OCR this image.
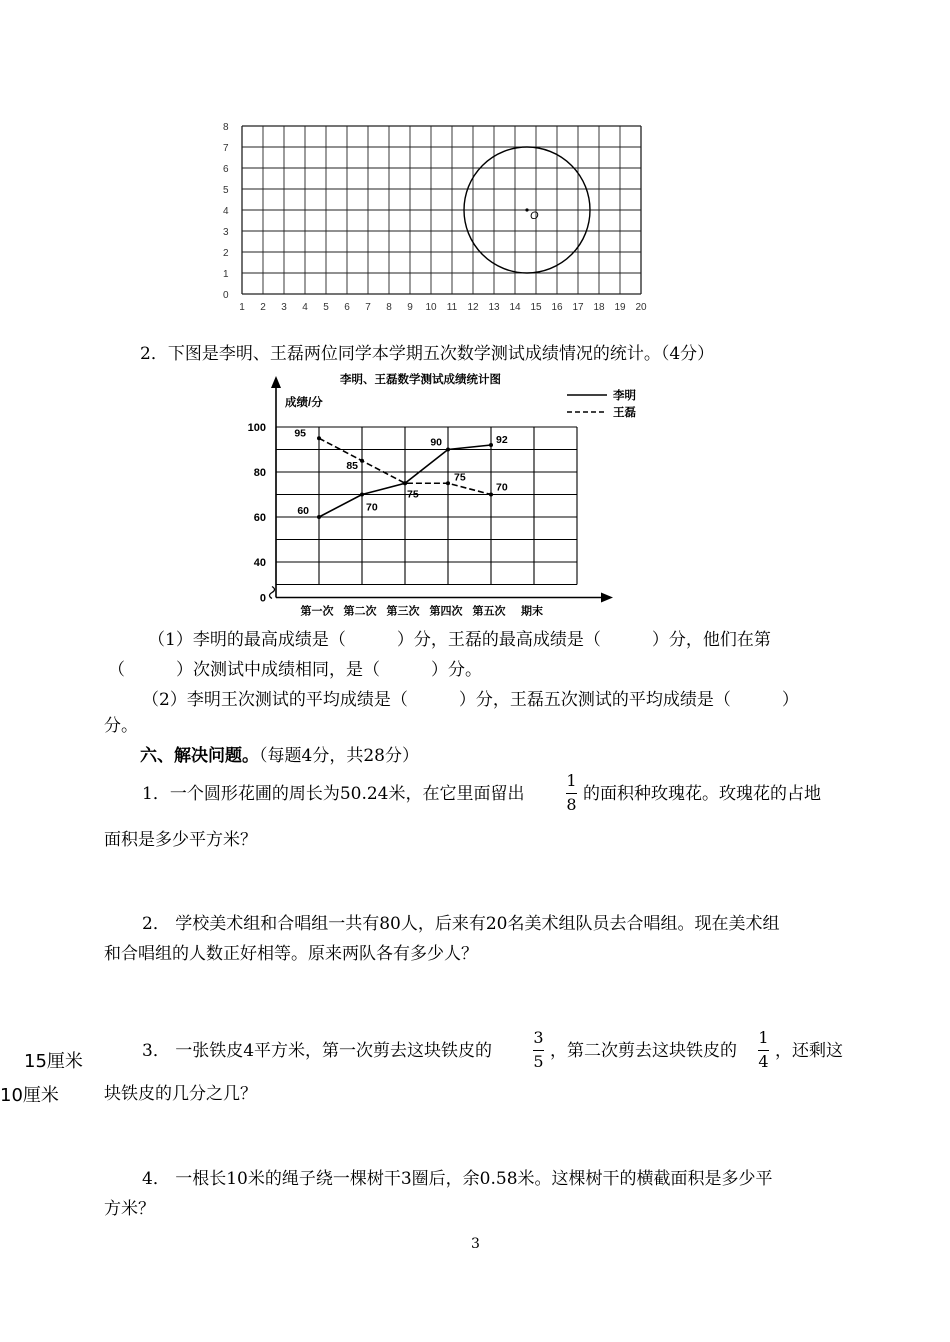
O
0
1
2
3
4
5
6
7
8
1 2 3 4 5 6 7 8 9 10 11 12 13 14 15 16 17 18 19 20
2．下图是李明、王磊两位同学本学期五次数学测试成绩情况的统计。（4分）
李明、王磊数学测试成绩统计图
成绩/分
李明
王磊
0
40
60
80
100
第一次 第二次 第三次 第四次 第五次 期末
60	70
75
90	92
95
85
75
70
（1）李明的最高成绩是（　　　）分，王磊的最高成绩是（　　　）分，他们在第
（　　　）次测试中成绩相同，是（　　　）分。
（2）李明王次测试的平均成绩是（　　　）分，王磊五次测试的平均成绩是（　　　）
分。
六、解决问题。（每题4分，共28分）
1．一个圆形花圃的周长为50.24米，在它里面留出
1
8
的面积种玫瑰花。玫瑰花的占地
面积是多少平方米？
2． 学校美术组和合唱组一共有80人，后来有20名美术组队员去合唱组。现在美术组
和合唱组的人数正好相等。原来两队各有多少人？
15厘米
10厘米
3． 一张铁皮4平方米，第一次剪去这块铁皮的
3
5
，第二次剪去这块铁皮的
1
4
，还剩这
块铁皮的几分之几？
4． 一根长10米的绳子绕一棵树干3圈后，余0.58米。这棵树干的横截面积是多少平
方米？
3
